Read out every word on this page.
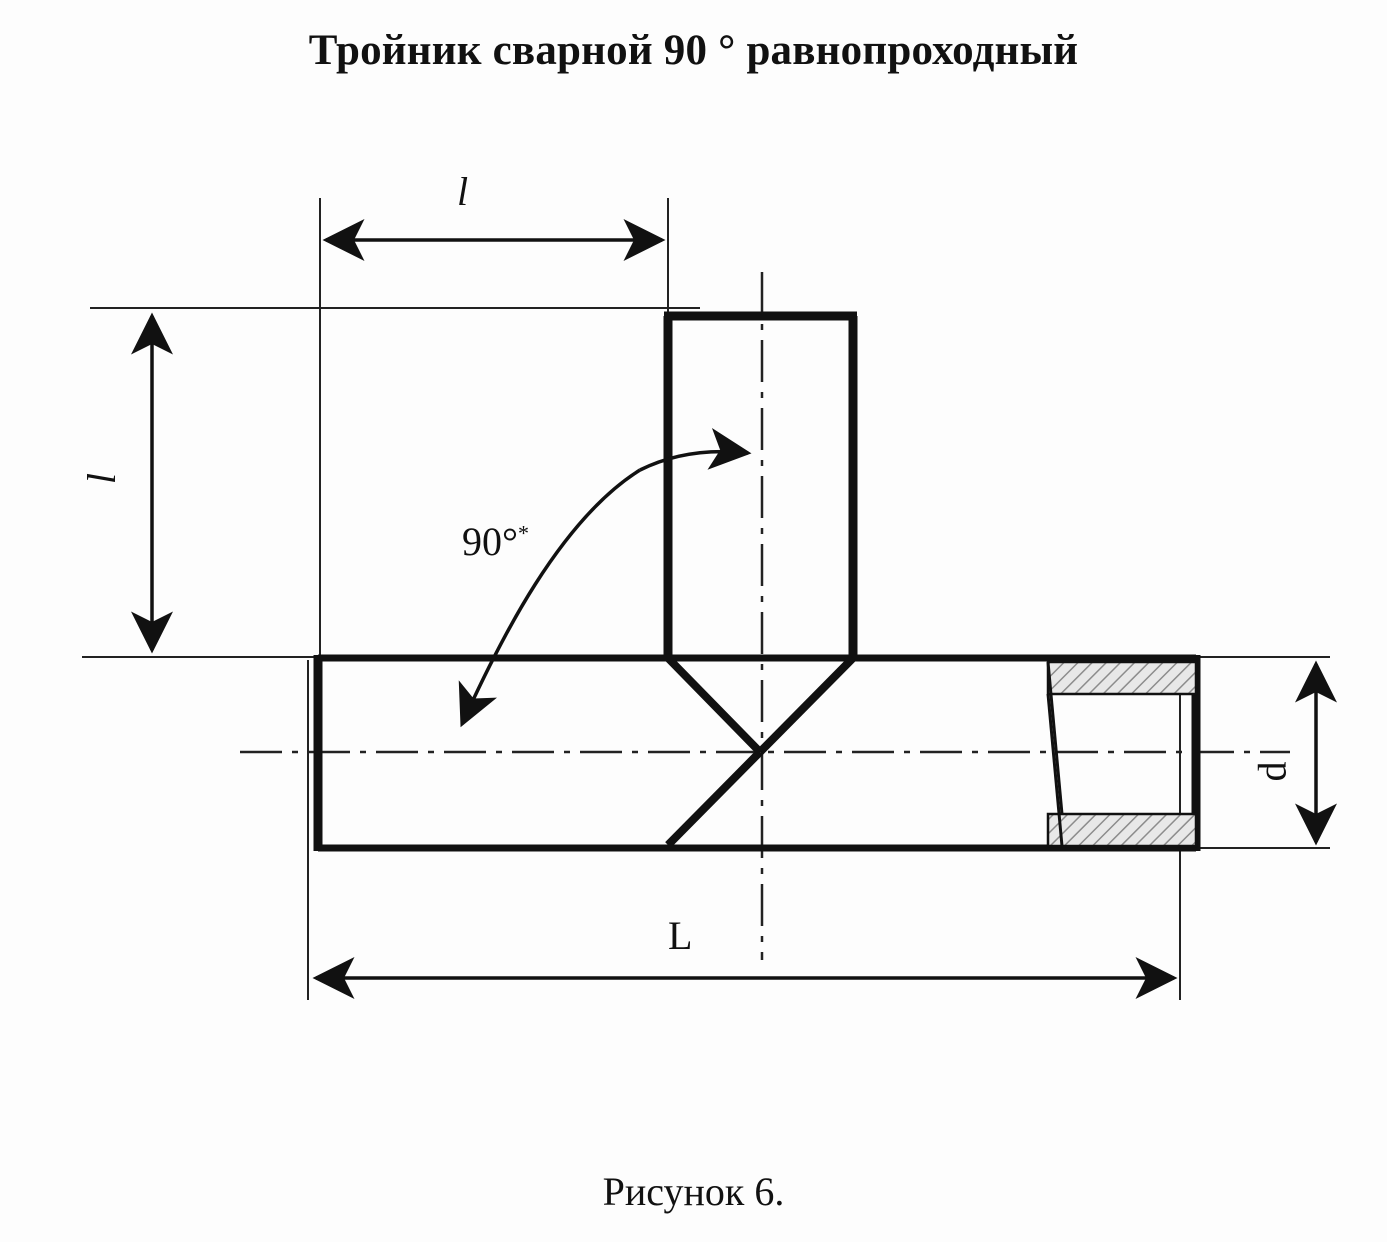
Тройник сварной 90 ° равнопроходный
l
l
90°*
L
d
Рисунок 6.
